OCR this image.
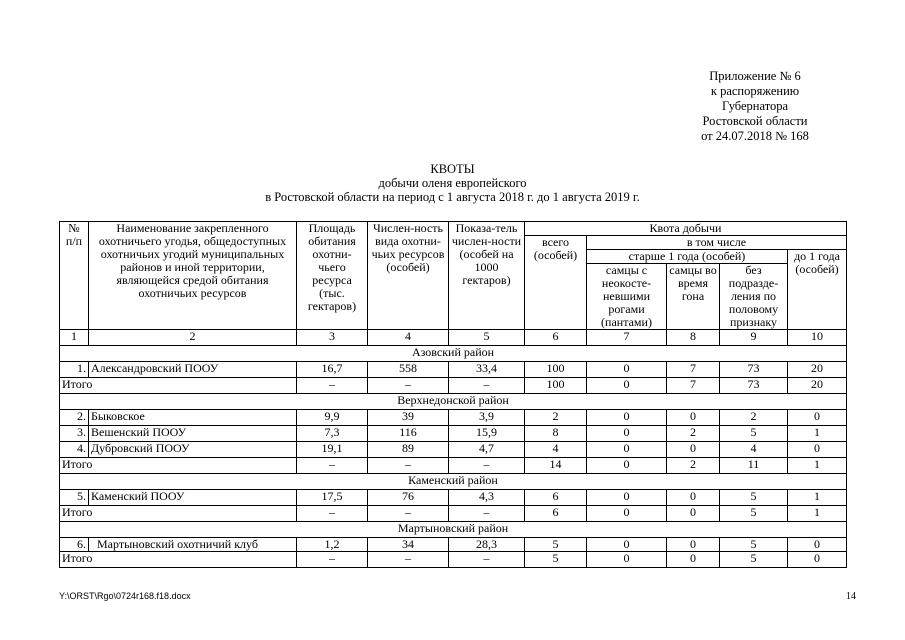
Приложение № 6
к распоряжению
Губернатора
Ростовской области
от 24.07.2018 № 168
КВОТЫ
добычи оленя европейского
в Ростовской области на период с 1 августа 2018 г. до 1 августа 2019 г.
№ п/п	Наименование закрепленного охотничьего угодья, общедоступных охотничьих угодий муниципальных районов и иной территории, являющейся средой обитания охотничьих ресурсов	Площадь обитания охотни-чьего ресурса (тыс. гектаров)	Числен-ность вида охотни-чьих ресурсов (особей)	Показа-тель числен-ности (особей на 1000 гектаров)	Квота добычи				
					всего (особей)	в том числе			
						старше 1 года (особей)			до 1 года (особей)
						самцы с неокосте-невшими рогами (пантами)	самцы во время гона	без подразде-ления по половому признаку	
1	2	3	4	5	6	7	8	9	10
Азовский район									
1.	Александровский ПООУ	16,7	558	33,4	100	0	7	73	20
Итого		–	–	–	100	0	7	73	20
Верхнедонской район									
2.	Быковское	9,9	39	3,9	2	0	0	2	0
3.	Вешенский ПООУ	7,3	116	15,9	8	0	2	5	1
4.	Дубровский ПООУ	19,1	89	4,7	4	0	0	4	0
Итого		–	–	–	14	0	2	11	1
Каменский район									
5.	Каменский ПООУ	17,5	76	4,3	6	0	0	5	1
Итого		–	–	–	6	0	0	5	1
Мартыновский район									
6.	Мартыновский охотничий клуб	1,2	34	28,3	5	0	0	5	0
Итого		–	–	–	5	0	0	5	0
Y:\ORST\Rgo\0724r168.f18.docx	14
